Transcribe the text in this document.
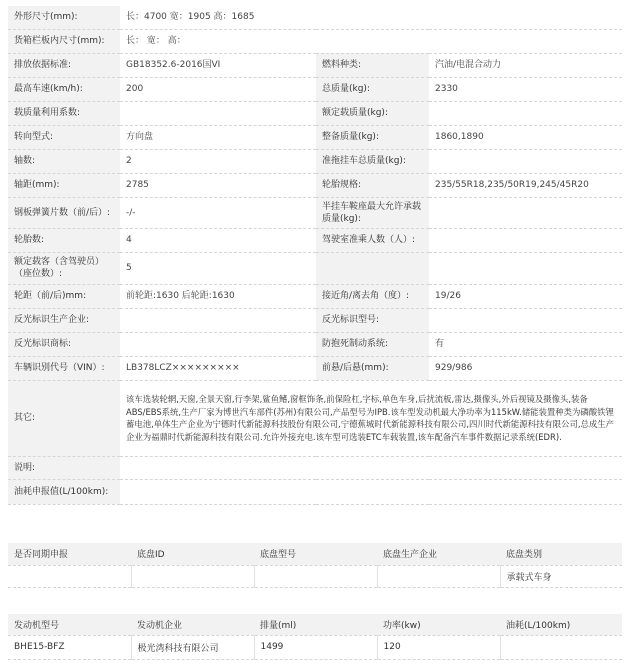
外形尺寸(mm):	长：4700 宽：1905 高：1685		
货箱栏板内尺寸(mm):	长： 宽： 高：		
排放依据标准:	GB18352.6-2016国VI	燃料种类:	汽油/电混合动力
最高车速(km/h):	200	总质量(kg):	2330
载质量利用系数:		额定载质量(kg):	
转向型式:	方向盘	整备质量(kg):	1860,1890
轴数:	2	准拖挂车总质量(kg):	
轴距(mm):	2785	轮胎规格:	235/55R18,235/50R19,245/45R20
钢板弹簧片数（前/后）:	-/-	半挂车鞍座最大允许承载质量(kg):	
轮胎数:	4	驾驶室准乘人数（人）:	
额定载客（含驾驶员）（座位数）:	5		
轮距（前/后)mm:	前轮距:1630 后轮距:1630	接近角/离去角（度）:	19/26
反光标识生产企业:		反光标识型号:	
反光标识商标:		防抱死制动系统:	有
车辆识别代号（VIN）:	LB378LCZ×××××××××	前悬/后悬(mm):	929/986
其它:	该车选装轮辋,天窗,全景天窗,行李架,鲨鱼鳍,窗框饰条,前保险杠,字标,单色车身,后扰流板,雷达,摄像头,外后视镜及摄像头,装备ABS/EBS系统,生产厂家为博世汽车部件(苏州)有限公司,产品型号为IPB.该车型发动机最大净功率为115kW.储能装置种类为磷酸铁锂蓄电池,单体生产企业为宁德时代新能源科技股份有限公司,宁德蕉城时代新能源科技有限公司,四川时代新能源科技有限公司,总成生产企业为福鼎时代新能源科技有限公司.允许外接充电.该车型可选装ETC车载装置,该车配备汽车事件数据记录系统(EDR).		
说明:			
油耗申报值(L/100km):			
是否同期申报	底盘ID	底盘型号	底盘生产企业	底盘类别
				承载式车身
发动机型号	发动机企业	排量(ml)	功率(kw)	油耗(L/100km)
BHE15-BFZ	极光湾科技有限公司	1499	120	
